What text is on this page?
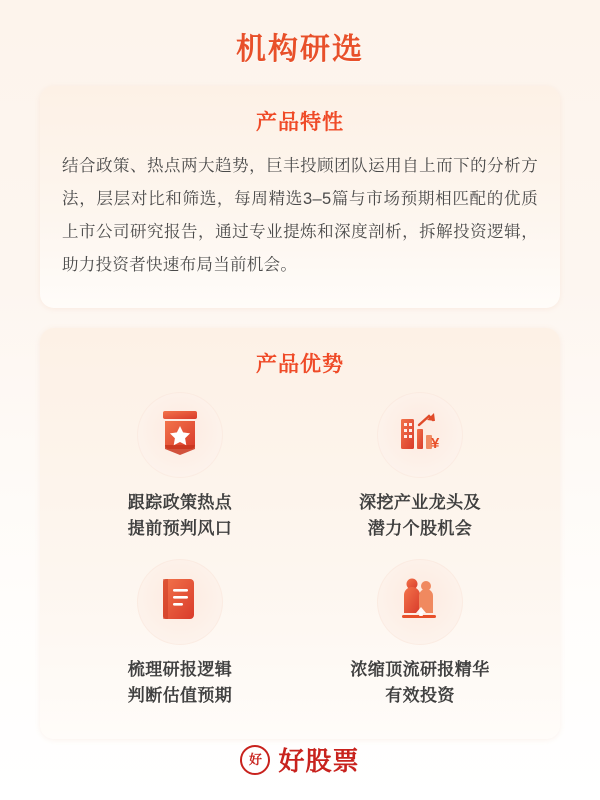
机构研选
产品特性
结合政策、热点两大趋势，巨丰投顾团队运用自上而下的分析方法，层层对比和筛选，每周精选3–5篇与市场预期相匹配的优质上市公司研究报告，通过专业提炼和深度剖析，拆解投资逻辑，助力投资者快速布局当前机会。
产品优势
跟踪政策热点
提前预判风口
¥
深挖产业龙头及
潜力个股机会
梳理研报逻辑
判断估值预期
浓缩顶流研报精华
有效投资
好 好股票
